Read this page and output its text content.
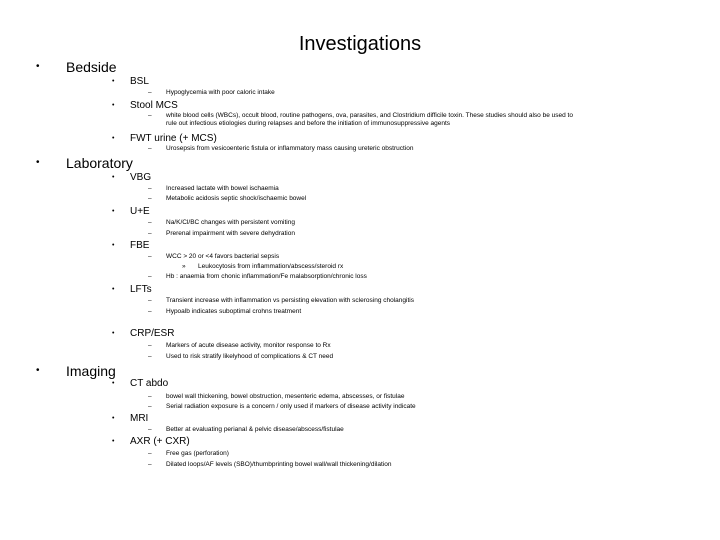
Investigations
• Bedside
• BSL
– Hypoglycemia with poor caloric intake
• Stool MCS
– white blood cells (WBCs), occult blood, routine pathogens, ova, parasites, and Clostridium difficile toxin. These studies should also be used to
rule out infectious etiologies during relapses and before the initiation of immunosuppressive agents
• FWT urine (+ MCS)
– Urosepsis from vesicoenteric fistula or inflammatory mass causing ureteric obstruction
• Laboratory
• VBG
– Increased lactate with bowel ischaemia
– Metabolic acidosis septic shock/ischaemic bowel
• U+E
– Na/K/Cl/BC changes with persistent vomiting
– Prerenal impairment with severe dehydration
• FBE
– WCC > 20 or <4 favors bacterial sepsis
» Leukocytosis from inflammation/abscess/steroid rx
– Hb : anaemia from chonic inflammation/Fe malabsorption/chronic loss
• LFTs
– Transient increase with inflammation vs persisting elevation with sclerosing cholangitis
– Hypoalb indicates suboptimal crohns treatment
• CRP/ESR
– Markers of acute disease activity, monitor response to Rx
– Used to risk stratify likelyhood of complications & CT need
• Imaging
• CT abdo
– bowel wall thickening, bowel obstruction, mesenteric edema, abscesses, or fistulae
– Serial radiation exposure is a concern / only used if markers of disease activity indicate
• MRI
– Better at evaluating perianal & pelvic disease/abscess/fistulae
• AXR (+ CXR)
– Free gas (perforation)
– Dilated loops/AF levels (SBO)/thumbprinting bowel wall/wall thickening/dilation
